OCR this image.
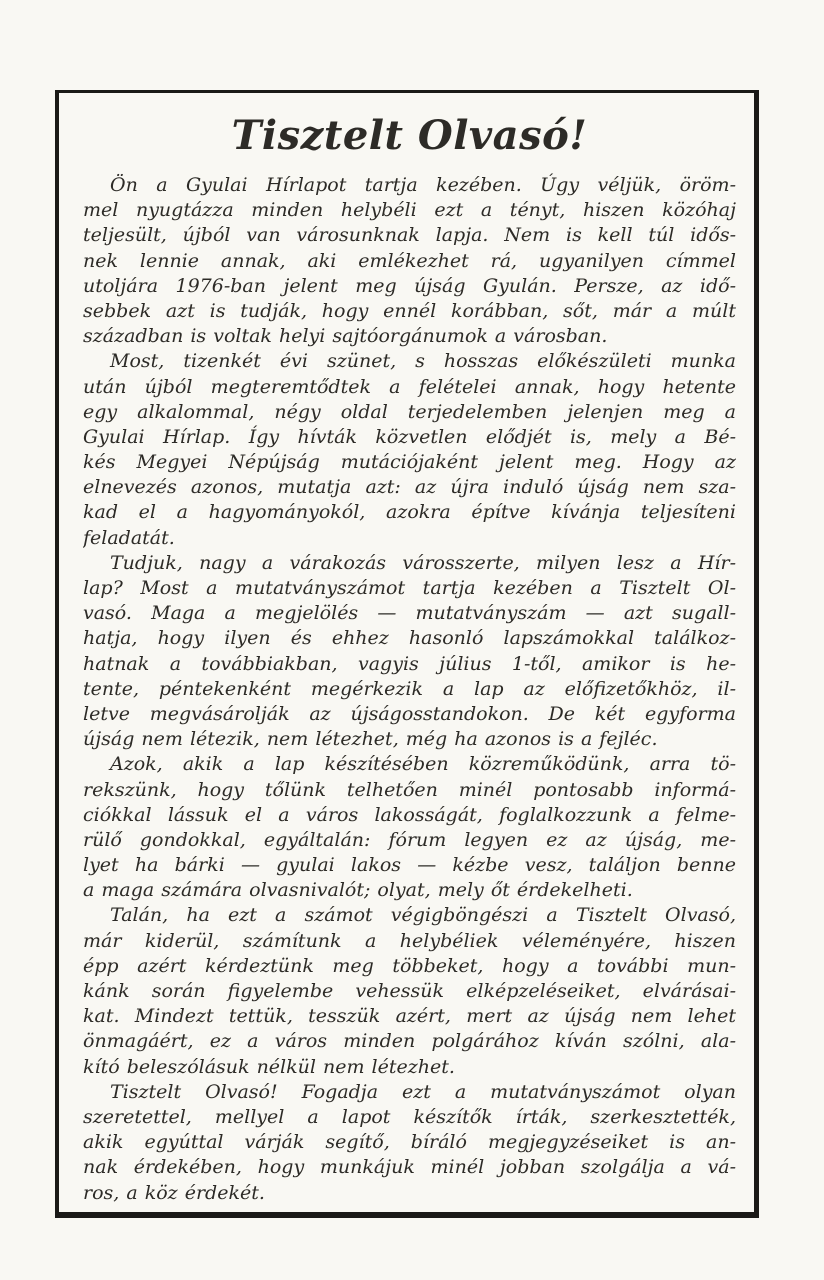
Tisztelt Olvasó!
Ön a Gyulai Hírlapot tartja kezében. Úgy véljük, öröm-
mel nyugtázza minden helybéli ezt a tényt, hiszen közóhaj
teljesült, újból van városunknak lapja. Nem is kell túl idős-
nek lennie annak, aki emlékezhet rá, ugyanilyen címmel
utoljára 1976-ban jelent meg újság Gyulán. Persze, az idő-
sebbek azt is tudják, hogy ennél korábban, sőt, már a múlt
században is voltak helyi sajtóorgánumok a városban.
Most, tizenkét évi szünet, s hosszas előkészületi munka
után újból megteremtődtek a felételei annak, hogy hetente
egy alkalommal, négy oldal terjedelemben jelenjen meg a
Gyulai Hírlap. Így hívták közvetlen elődjét is, mely a Bé-
kés Megyei Népújság mutációjaként jelent meg. Hogy az
elnevezés azonos, mutatja azt: az újra induló újság nem sza-
kad el a hagyományokól, azokra építve kívánja teljesíteni
feladatát.
Tudjuk, nagy a várakozás városszerte, milyen lesz a Hír-
lap? Most a mutatványszámot tartja kezében a Tisztelt Ol-
vasó. Maga a megjelölés — mutatványszám — azt sugall-
hatja, hogy ilyen és ehhez hasonló lapszámokkal találkoz-
hatnak a továbbiakban, vagyis július 1-től, amikor is he-
tente, péntekenként megérkezik a lap az előfizetőkhöz, il-
letve megvásárolják az újságosstandokon. De két egyforma
újság nem létezik, nem létezhet, még ha azonos is a fejléc.
Azok, akik a lap készítésében közreműködünk, arra tö-
rekszünk, hogy tőlünk telhetően minél pontosabb informá-
ciókkal lássuk el a város lakosságát, foglalkozzunk a felme-
rülő gondokkal, egyáltalán: fórum legyen ez az újság, me-
lyet ha bárki — gyulai lakos — kézbe vesz, találjon benne
a maga számára olvasnivalót; olyat, mely őt érdekelheti.
Talán, ha ezt a számot végigböngészi a Tisztelt Olvasó,
már kiderül, számítunk a helybéliek véleményére, hiszen
épp azért kérdeztünk meg többeket, hogy a további mun-
kánk során figyelembe vehessük elképzeléseiket, elvárásai-
kat. Mindezt tettük, tesszük azért, mert az újság nem lehet
önmagáért, ez a város minden polgárához kíván szólni, ala-
kító beleszólásuk nélkül nem létezhet.
Tisztelt Olvasó! Fogadja ezt a mutatványszámot olyan
szeretettel, mellyel a lapot készítők írták, szerkesztették,
akik egyúttal várják segítő, bíráló megjegyzéseiket is an-
nak érdekében, hogy munkájuk minél jobban szolgálja a vá-
ros, a köz érdekét.
